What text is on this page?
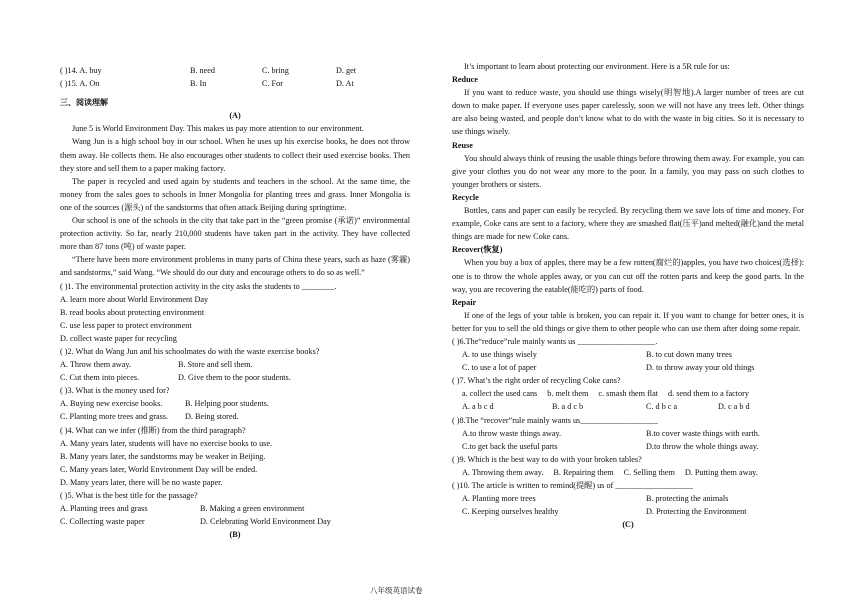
( )14. A. buy	B. need	C. bring	D. get
( )15. A. On	B. In	C. For	D. At
三、阅读理解
(A)

June 5 is World Environment Day. This makes us pay more attention to our environment.

Wang Jun is a high school boy in our school. When he uses up his exercise books, he does not throw them away. He collects them. He also encourages other students to collect their used exercise books. Then they store and sell them to a paper making factory.

The paper is recycled and used again by students and teachers in the school. At the same time, the money from the sales goes to schools in Inner Mongolia for planting trees and grass. Inner Mongolia is one of the sources (源头) of the sandstorms that often attack Beijing during springtime.

Our school is one of the schools in the city that take part in the “green promise (承诺)” environmental protection activity. So far, nearly 210,000 students have taken part in the activity. They have collected more than 87 tons (吨) of waste paper.

“There have been more environment problems in many parts of China these years, such as haze (雾霾) and sandstorms,” said Wang. “We should do our duty and encourage others to do so as well.”

( )1. The environmental protection activity in the city asks the students to ________.
A. learn more about World Environment Day
B. read books about protecting environment
C. use less paper to protect environment
D. collect waste paper for recycling
( )2. What do Wang Jun and his schoolmates do with the waste exercise books?
A. Throw them away.	B. Store and sell them.
C. Cut them into pieces.	D. Give them to the poor students.
( )3. What is the money used for?
A. Buying new exercise books.	B. Helping poor students.
C. Planting more trees and grass.	D. Being stored.
( )4. What can we infer (推断) from the third paragraph?
A. Many years later, students will have no exercise books to use.
B. Many years later, the sandstorms may be weaker in Beijing.
C. Many years later, World Environment Day will be ended.
D. Many years later, there will be no waste paper.
( )5. What is the best title for the passage?
A. Planting trees and grass	B. Making a green environment
C. Collecting waste paper	D. Celebrating World Environment Day
(B)

It’s important to learn about protecting our environment. Here is a 5R rule for us:

Reduce

If you want to reduce waste, you should use things wisely(明智地).A larger number of trees are cut down to make paper. If everyone uses paper carelessly, soon we will not have any trees left. Other things are also being wasted, and people don’t know what to do with the waste in big cities. So it is necessary to use things wisely.

Reuse

You should always think of reusing the usable things before throwing them away. For example, you can give your clothes you do not wear any more to the poor. In a family, you may pass on such clothes to younger brothers or sisters.

Recycle

Bottles, cans and paper can easily be recycled. By recycling them we save lots of time and money. For example, Coke cans are sent to a factory, where they are smashed flat(压平)and melted(融化)and the metal things are made for new Coke cans.

Recover(恢复)

When you buy a box of apples, there may be a few rotten(腐烂的)apples, you have two choices(选择): one is to throw the whole apples away, or you can cut off the rotten parts and keep the good parts. In the way, you are recovering the eatable(能吃的) parts of food.

Repair

If one of the legs of your table is broken, you can repair it. If you want to change for better ones, it is better for you to sell the old things or give them to other people who can use them after doing some repair.

( )6.The“reduce”rule mainly wants us ___________________.
A. to use things wisely	B. to cut down many trees
C. to use a lot of paper	D. to throw away your old things
( )7. What’s the right order of recycling Coke cans?
a. collect the used cans b. melt them c. smash them flat d. send them to a factory
A. a b c d	B. a d c b	C. d b c a	D. c a b d
( )8.The “recover”rule mainly wants us___________________
A.to throw waste things away.	B.to cover waste things with earth.
C.to get back the useful parts	D.to throw the whole things away.
( )9. Which is the best way to do with your broken tables?
A. Throwing them away. B. Repairing them C. Selling them D. Putting them away.
( )10. The article is written to remind(提醒) us of ___________________
A. Planting more trees	B. protecting the animals
C. Keeping ourselves healthy	D. Protecting the Environment
(C)
八年级英语试卷
